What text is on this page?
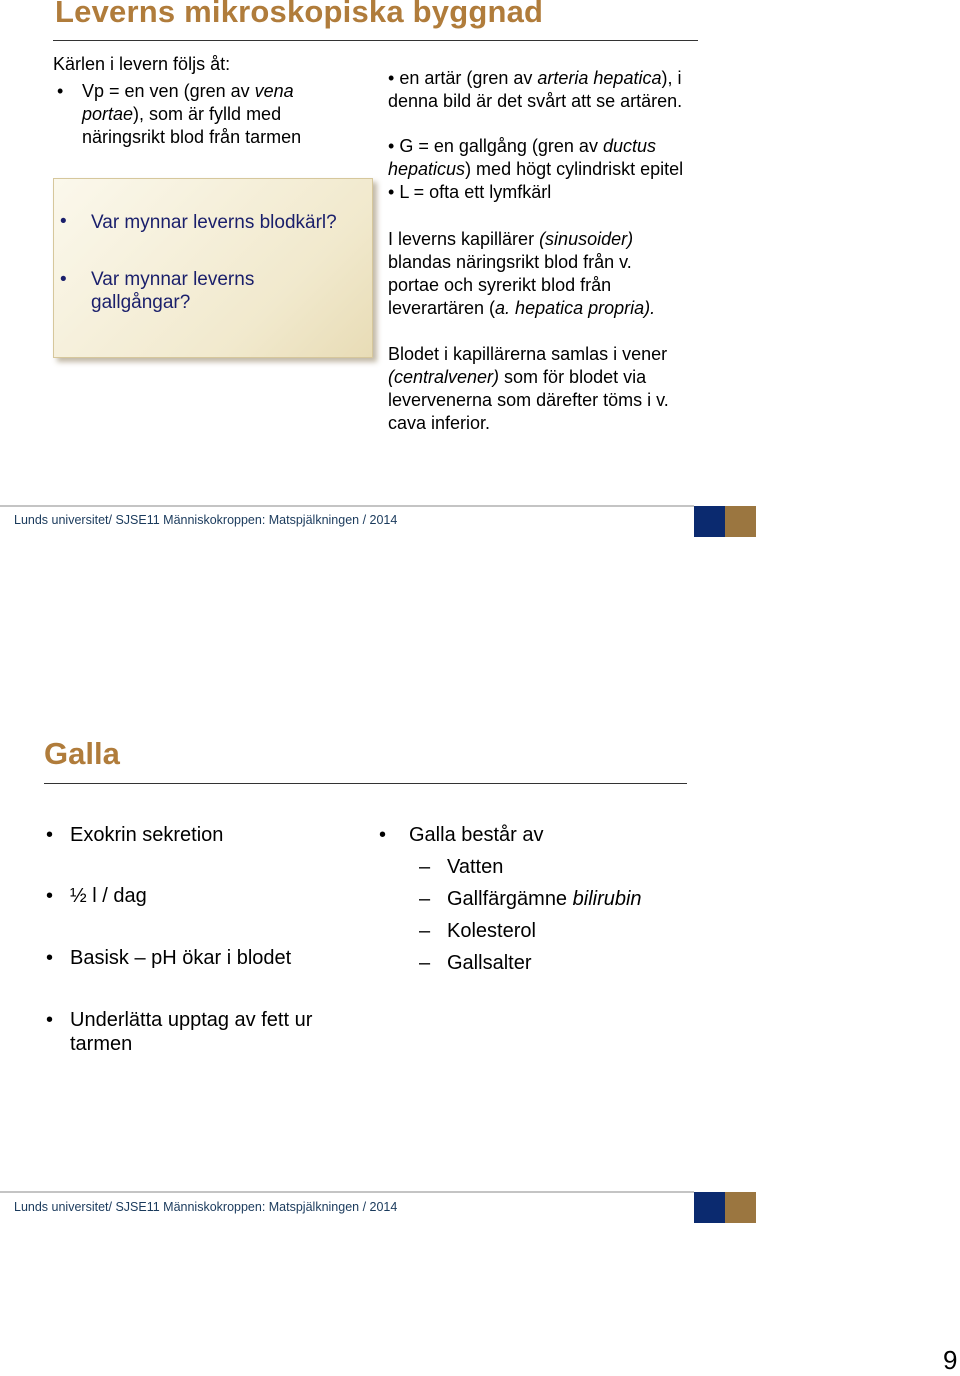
Leverns mikroskopiska byggnad
Kärlen i levern följs åt:
• Vp = en ven (gren av vena
portae), som är fylld med
näringsrikt blod från tarmen
• Var mynnar leverns blodkärl?
• Var mynnar leverns
gallgångar?
• en artär (gren av arteria hepatica), i
denna bild är det svårt att se artären.
• G = en gallgång (gren av ductus
hepaticus) med högt cylindriskt epitel
• L = ofta ett lymfkärl
I leverns kapillärer (sinusoider)
blandas näringsrikt blod från v.
portae och syrerikt blod från
leverartären (a. hepatica propria).
Blodet i kapillärerna samlas i vener
(centralvener) som för blodet via
levervenerna som därefter töms i v.
cava inferior.
Lunds universitet/ SJSE11 Människokroppen: Matspjälkningen / 2014
Galla
• Exokrin sekretion
• ½ l / dag
• Basisk – pH ökar i blodet
• Underlätta upptag av fett ur
tarmen
• Galla består av
– Vatten
– Gallfärgämne bilirubin
– Kolesterol
– Gallsalter
Lunds universitet/ SJSE11 Människokroppen: Matspjälkningen / 2014
9
